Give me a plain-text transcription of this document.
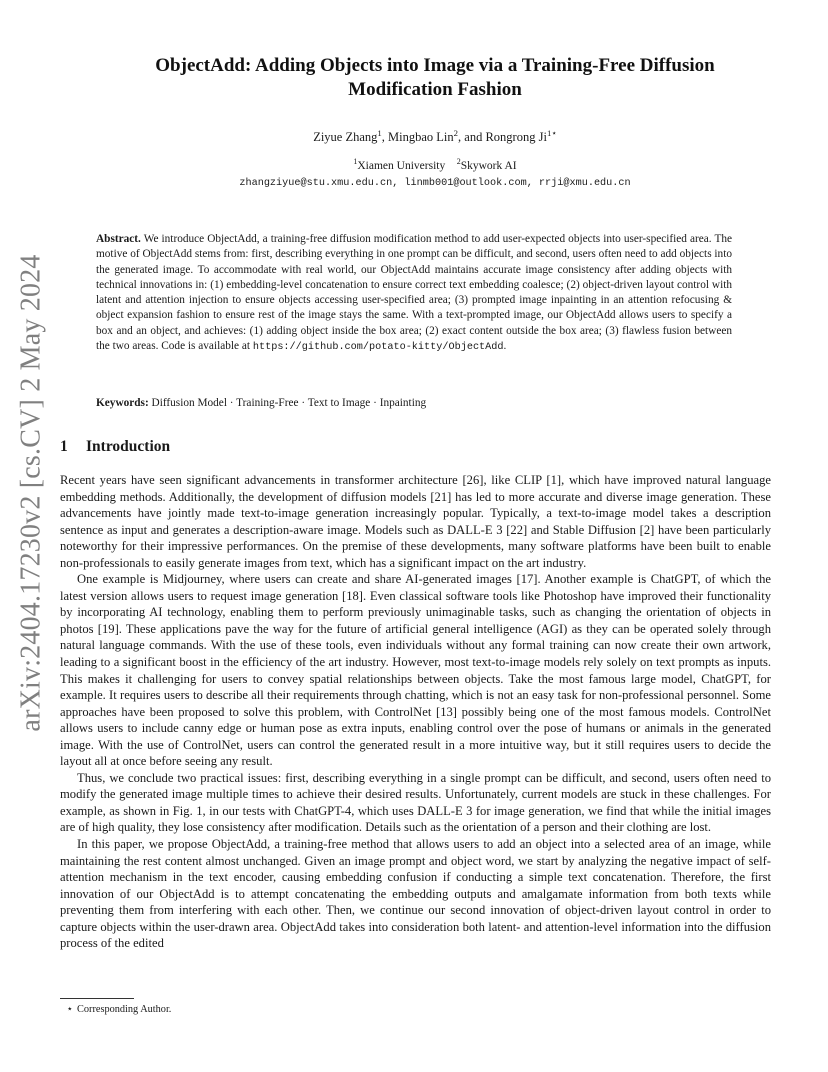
arXiv:2404.17230v2 [cs.CV] 2 May 2024
ObjectAdd: Adding Objects into Image via a Training-Free Diffusion
Modification Fashion
Ziyue Zhang$^1$, Mingbao Lin$^2$, and Rongrong $Ji^{1⋆}$
$^1$Xiamen University $^2$Skywork AI
zhangziyue@stu.xmu.edu.cn, linmb001@outlook.com, rrji@xmu.edu.cn

Abstract. We introduce ObjectAdd, a training-free diffusion modification method to add user-expected objects into user-specified area. The motive of ObjectAdd stems from: first, describing everything in one prompt can be difficult, and second, users often need to add objects into the generated image. To accommodate with real world, our ObjectAdd maintains accurate image consistency after adding objects with technical innovations in: (1) embedding-level concatenation to ensure correct text embedding coalesce; (2) object-driven layout control with latent and attention injection to ensure objects accessing user-specified area; (3) prompted image inpainting in an attention refocusing & object expansion fashion to ensure rest of the image stays the same. With a text-prompted image, our ObjectAdd allows users to specify a box and an object, and achieves: (1) adding object inside the box area; (2) exact content outside the box area; (3) flawless fusion between the two areas. Code is available at https://github.com/potato-kitty/ObjectAdd.

Keywords: Diffusion Model · Training-Free · Text to Image · Inpainting

1 Introduction

Recent years have seen significant advancements in transformer architecture [26], like CLIP [1], which have improved natural language embedding methods. Additionally, the development of diffusion models [21] has led to more accurate and diverse image generation. These advancements have jointly made text-to-image generation increasingly popular. Typically, a text-to-image model takes a description sentence as input and generates a description-aware image. Models such as DALL-E 3 [22] and Stable Diffusion [2] have been particularly noteworthy for their impressive performances. On the premise of these developments, many software platforms have been built to enable non-professionals to easily generate images from text, which has a significant impact on the art industry.

One example is Midjourney, where users can create and share AI-generated images [17]. Another example is ChatGPT, of which the latest version allows users to request image generation [18]. Even classical software tools like Photoshop have improved their functionality by incorporating AI technology, enabling them to perform previously unimaginable tasks, such as changing the orientation of objects in photos [19]. These applications pave the way for the future of artificial general intelligence (AGI) as they can be operated solely through natural language commands. With the use of these tools, even individuals without any formal training can now create their own artwork, leading to a significant boost in the efficiency of the art industry. However, most text-to-image models rely solely on text prompts as inputs. This makes it challenging for users to convey spatial relationships between objects. Take the most famous large model, ChatGPT, for example. It requires users to describe all their requirements through chatting, which is not an easy task for non-professional personnel. Some approaches have been proposed to solve this problem, with ControlNet [13] possibly being one of the most famous models. ControlNet allows users to include canny edge or human pose as extra inputs, enabling control over the pose of humans or animals in the generated image. With the use of ControlNet, users can control the generated result in a more intuitive way, but it still requires users to decide the layout all at once before seeing any result.

Thus, we conclude two practical issues: first, describing everything in a single prompt can be difficult, and second, users often need to modify the generated image multiple times to achieve their desired results. Unfortunately, current models are stuck in these challenges. For example, as shown in Fig. 1, in our tests with ChatGPT-4, which uses DALL-E 3 for image generation, we find that while the initial images are of high quality, they lose consistency after modification. Details such as the orientation of a person and their clothing are lost.

In this paper, we propose ObjectAdd, a training-free method that allows users to add an object into a selected area of an image, while maintaining the rest content almost unchanged. Given an image prompt and object word, we start by analyzing the negative impact of self-attention mechanism in the text encoder, causing embedding confusion if conducting a simple text concatenation. Therefore, the first innovation of our ObjectAdd is to attempt concatenating the embedding outputs and amalgamate information from both texts while preventing them from interfering with each other. Then, we continue our second innovation of object-driven layout control in order to capture objects within the user-drawn area. ObjectAdd takes into consideration both latent- and attention-level information into the diffusion process of the edited

⋆ Corresponding Author.
